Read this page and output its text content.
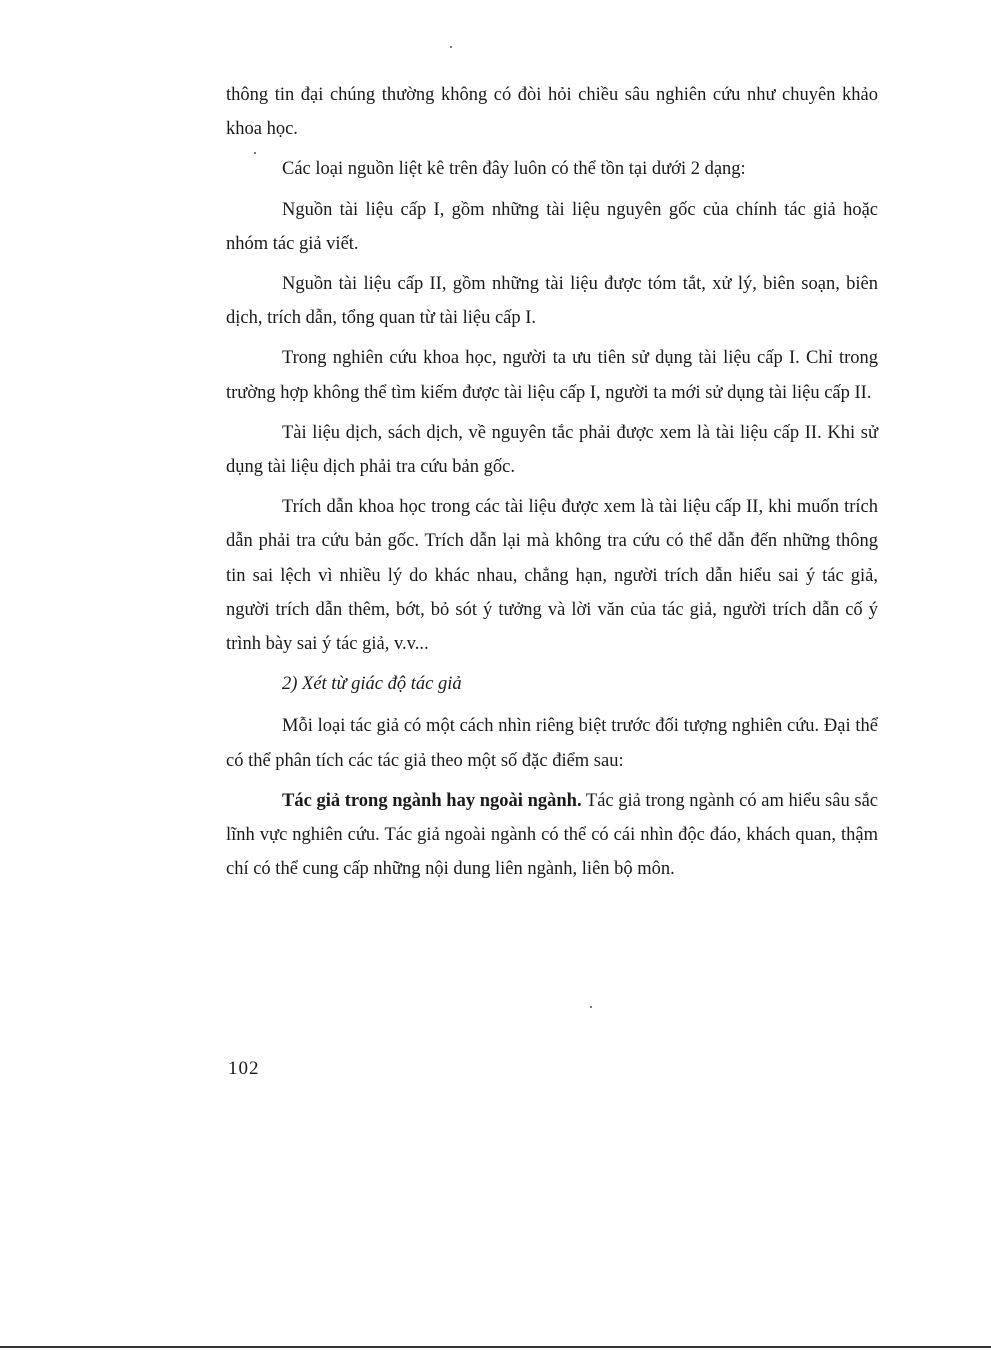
thông tin đại chúng thường không có đòi hỏi chiều sâu nghiên cứu như chuyên khảo khoa học.

Các loại nguồn liệt kê trên đây luôn có thể tồn tại dưới 2 dạng:

Nguồn tài liệu cấp I, gồm những tài liệu nguyên gốc của chính tác giả hoặc nhóm tác giả viết.

Nguồn tài liệu cấp II, gồm những tài liệu được tóm tắt, xử lý, biên soạn, biên dịch, trích dẫn, tổng quan từ tài liệu cấp I.

Trong nghiên cứu khoa học, người ta ưu tiên sử dụng tài liệu cấp I. Chỉ trong trường hợp không thể tìm kiếm được tài liệu cấp I, người ta mới sử dụng tài liệu cấp II.

Tài liệu dịch, sách dịch, về nguyên tắc phải được xem là tài liệu cấp II. Khi sử dụng tài liệu dịch phải tra cứu bản gốc.

Trích dẫn khoa học trong các tài liệu được xem là tài liệu cấp II, khi muốn trích dẫn phải tra cứu bản gốc. Trích dẫn lại mà không tra cứu có thể dẫn đến những thông tin sai lệch vì nhiều lý do khác nhau, chẳng hạn, người trích dẫn hiểu sai ý tác giả, người trích dẫn thêm, bớt, bỏ sót ý tưởng và lời văn của tác giả, người trích dẫn cố ý trình bày sai ý tác giả, v.v...

2) Xét từ giác độ tác giả

Mỗi loại tác giả có một cách nhìn riêng biệt trước đối tượng nghiên cứu. Đại thể có thể phân tích các tác giả theo một số đặc điểm sau:

Tác giả trong ngành hay ngoài ngành. Tác giả trong ngành có am hiểu sâu sắc lĩnh vực nghiên cứu. Tác giả ngoài ngành có thể có cái nhìn độc đáo, khách quan, thậm chí có thể cung cấp những nội dung liên ngành, liên bộ môn.

102
